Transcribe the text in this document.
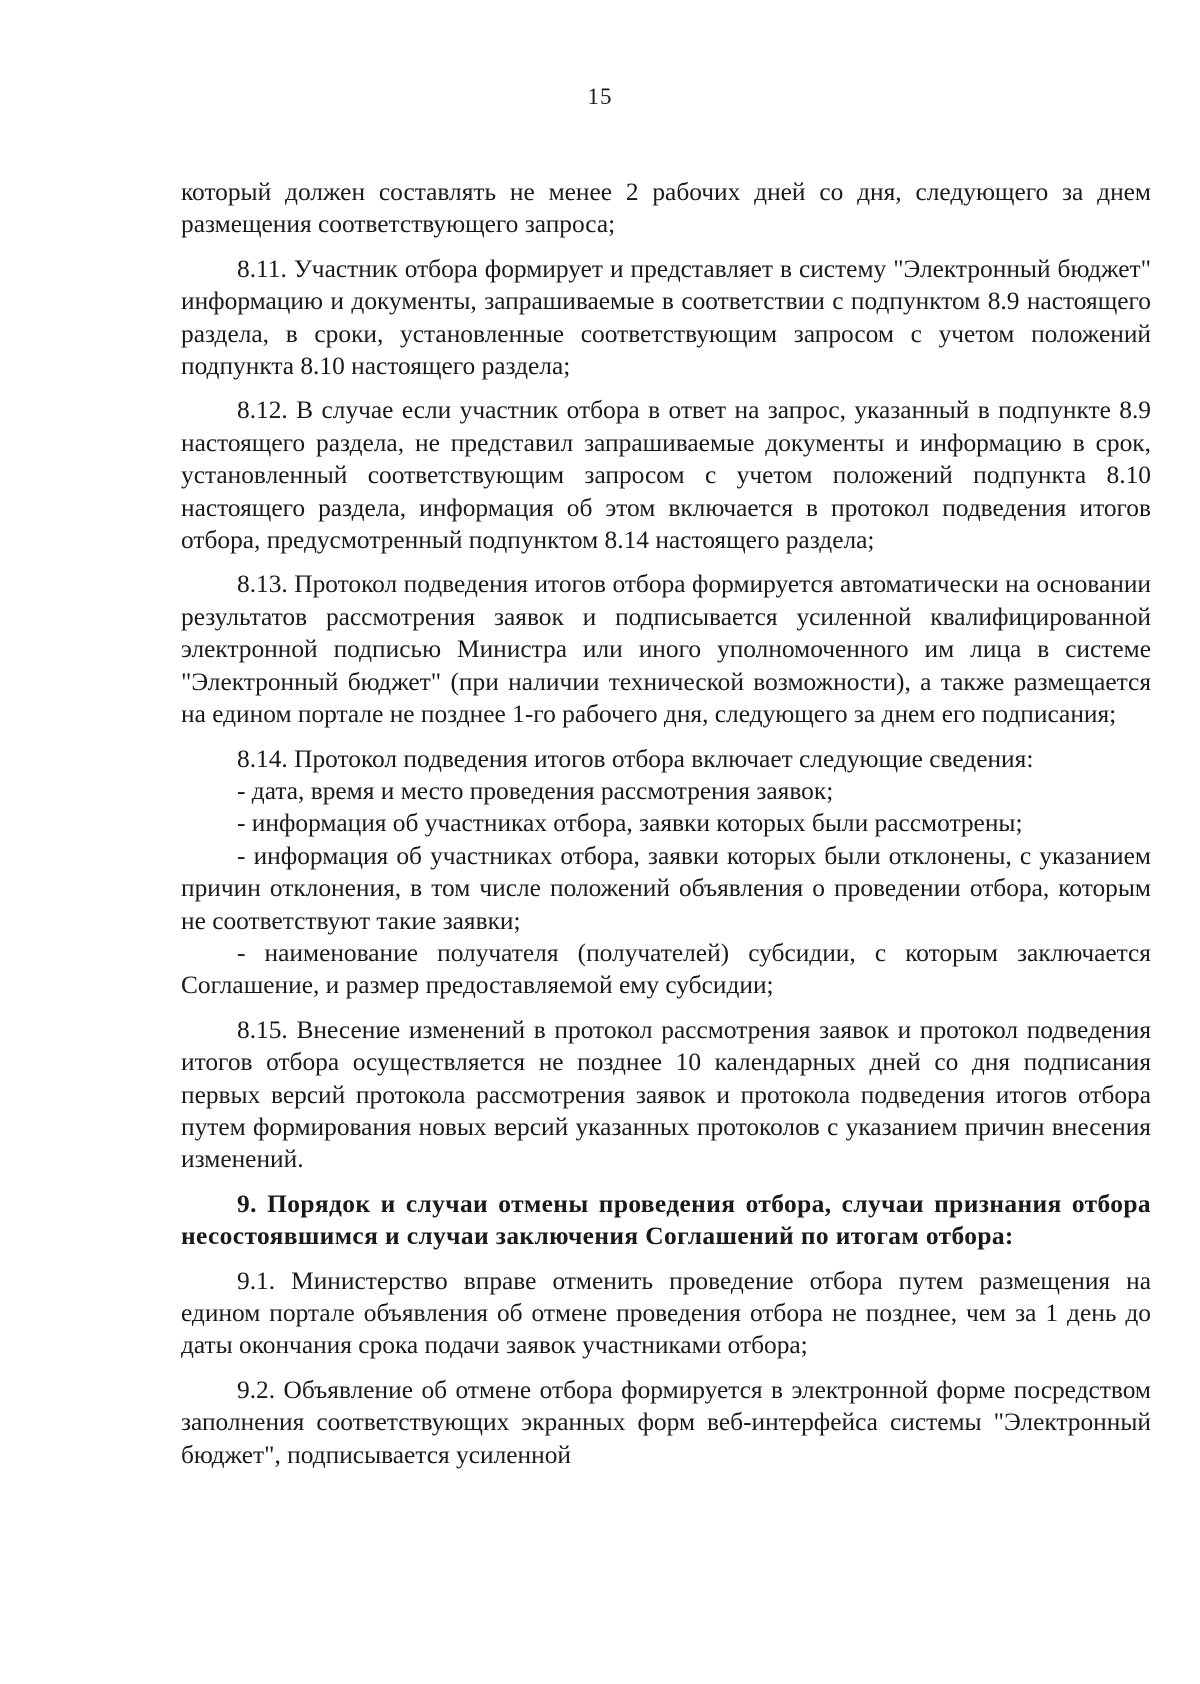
15

который должен составлять не менее 2 рабочих дней со дня, следующего за днем размещения соответствующего запроса;

8.11. Участник отбора формирует и представляет в систему "Электронный бюджет" информацию и документы, запрашиваемые в соответствии с подпунктом 8.9 настоящего раздела, в сроки, установленные соответствующим запросом с учетом положений подпункта 8.10 настоящего раздела;

8.12. В случае если участник отбора в ответ на запрос, указанный в подпункте 8.9 настоящего раздела, не представил запрашиваемые документы и информацию в срок, установленный соответствующим запросом с учетом положений подпункта 8.10 настоящего раздела, информация об этом включается в протокол подведения итогов отбора, предусмотренный подпунктом 8.14 настоящего раздела;

8.13. Протокол подведения итогов отбора формируется автоматически на основании результатов рассмотрения заявок и подписывается усиленной квалифицированной электронной подписью Министра или иного уполномоченного им лица в системе "Электронный бюджет" (при наличии технической возможности), а также размещается на едином портале не позднее 1-го рабочего дня, следующего за днем его подписания;

8.14. Протокол подведения итогов отбора включает следующие сведения:

- дата, время и место проведения рассмотрения заявок;

- информация об участниках отбора, заявки которых были рассмотрены;

- информация об участниках отбора, заявки которых были отклонены, с указанием причин отклонения, в том числе положений объявления о проведении отбора, которым не соответствуют такие заявки;

- наименование получателя (получателей) субсидии, с которым заключается Соглашение, и размер предоставляемой ему субсидии;

8.15. Внесение изменений в протокол рассмотрения заявок и протокол подведения итогов отбора осуществляется не позднее 10 календарных дней со дня подписания первых версий протокола рассмотрения заявок и протокола подведения итогов отбора путем формирования новых версий указанных протоколов с указанием причин внесения изменений.

9. Порядок и случаи отмены проведения отбора, случаи признания отбора несостоявшимся и случаи заключения Соглашений по итогам отбора:

9.1. Министерство вправе отменить проведение отбора путем размещения на едином портале объявления об отмене проведения отбора не позднее, чем за 1 день до даты окончания срока подачи заявок участниками отбора;

9.2. Объявление об отмене отбора формируется в электронной форме посредством заполнения соответствующих экранных форм веб-интерфейса системы "Электронный бюджет", подписывается усиленной
